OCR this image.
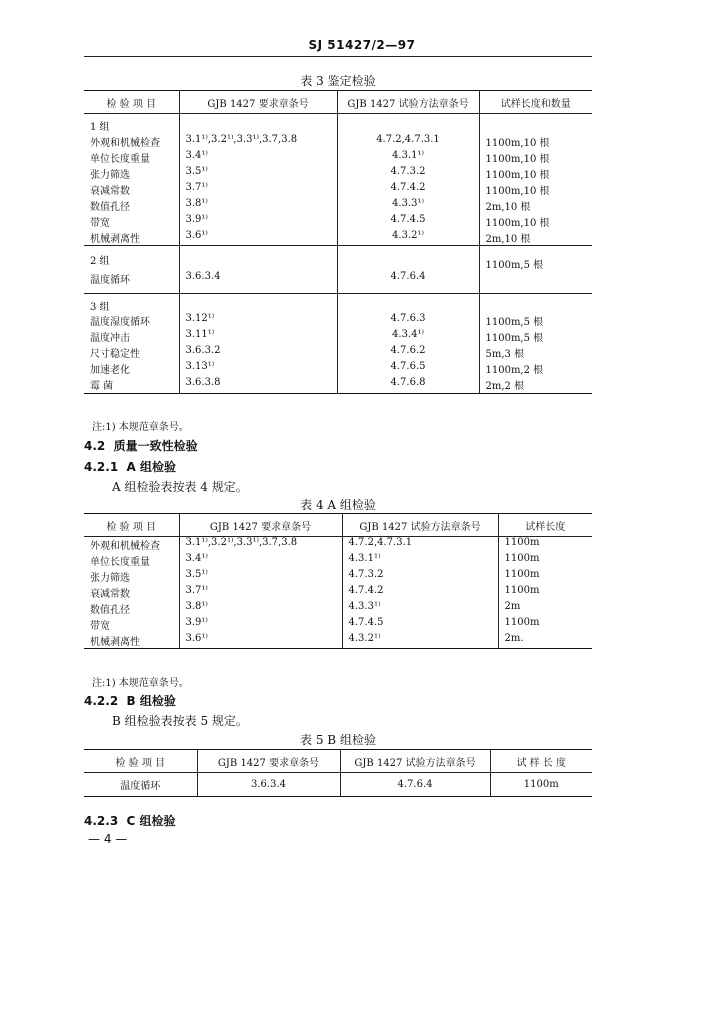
SJ 51427/2—97
表 3 鉴定检验
检 验 项 目	GJB 1427 要求章条号	GJB 1427 试验方法章条号	试样长度和数量
1 组			
外观和机械检查	3.1¹⁾,3.2¹⁾,3.3¹⁾,3.7,3.8	4.7.2,4.7.3.1	1100m,10 根
单位长度重量	3.4¹⁾	4.3.1¹⁾	1100m,10 根
张力筛选	3.5¹⁾	4.7.3.2	1100m,10 根
衰减常数	3.7¹⁾	4.7.4.2	1100m,10 根
数值孔径	3.8¹⁾	4.3.3¹⁾	2m,10 根
带宽	3.9¹⁾	4.7.4.5	1100m,10 根
机械剥离性	3.6¹⁾	4.3.2¹⁾	2m,10 根
2 组			1100m,5 根
温度循环	3.6.3.4	4.7.6.4	
3 组			
温度湿度循环	3.12¹⁾	4.7.6.3	1100m,5 根
温度冲击	3.11¹⁾	4.3.4¹⁾	1100m,5 根
尺寸稳定性	3.6.3.2	4.7.6.2	5m,3 根
加速老化	3.13¹⁾	4.7.6.5	1100m,2 根
霉 菌	3.6.3.8	4.7.6.8	2m,2 根
注:1) 本规范章条号。
4.2 质量一致性检验
4.2.1 A 组检验
A 组检验表按表 4 规定。
表 4 A 组检验
检 验 项 目	GJB 1427 要求章条号	GJB 1427 试验方法章条号	试样长度
外观和机械检查	3.1¹⁾,3.2¹⁾,3.3¹⁾,3.7,3.8	4.7.2,4.7.3.1	1100m
单位长度重量	3.4¹⁾	4.3.1¹⁾	1100m
张力筛选	3.5¹⁾	4.7.3.2	1100m
衰减常数	3.7¹⁾	4.7.4.2	1100m
数值孔径	3.8¹⁾	4.3.3¹⁾	2m
带宽	3.9¹⁾	4.7.4.5	1100m
机械剥离性	3.6¹⁾	4.3.2¹⁾	2m.
注:1) 本规范章条号。
4.2.2 B 组检验
B 组检验表按表 5 规定。
表 5 B 组检验
检 验 项 目	GJB 1427 要求章条号	GJB 1427 试验方法章条号	试 样 长 度
温度循环	3.6.3.4	4.7.6.4	1100m
4.2.3 C 组检验
— 4 —
